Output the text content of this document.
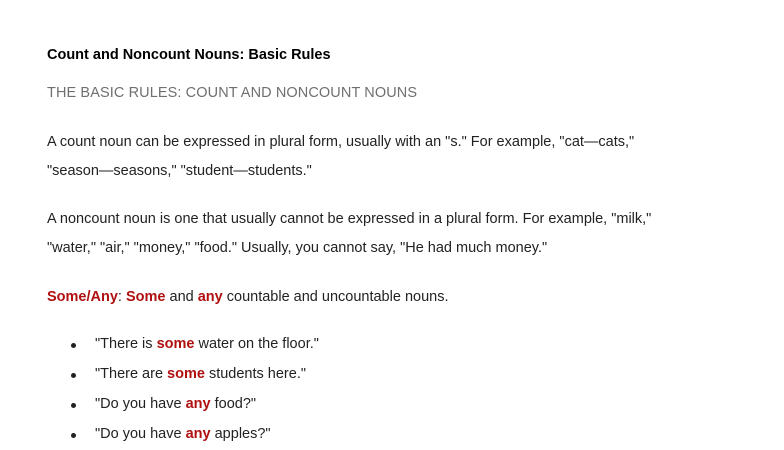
Count and Noncount Nouns: Basic Rules
THE BASIC RULES: COUNT AND NONCOUNT NOUNS
A count noun can be expressed in plural form, usually with an "s." For example, "cat—cats,"
"season—seasons," "student—students."
A noncount noun is one that usually cannot be expressed in a plural form. For example, "milk,"
"water," "air," "money," "food." Usually, you cannot say, "He had much money."
Some/Any: Some and any countable and uncountable nouns.
"There is some water on the floor."
"There are some students here."
"Do you have any food?"
"Do you have any apples?"
